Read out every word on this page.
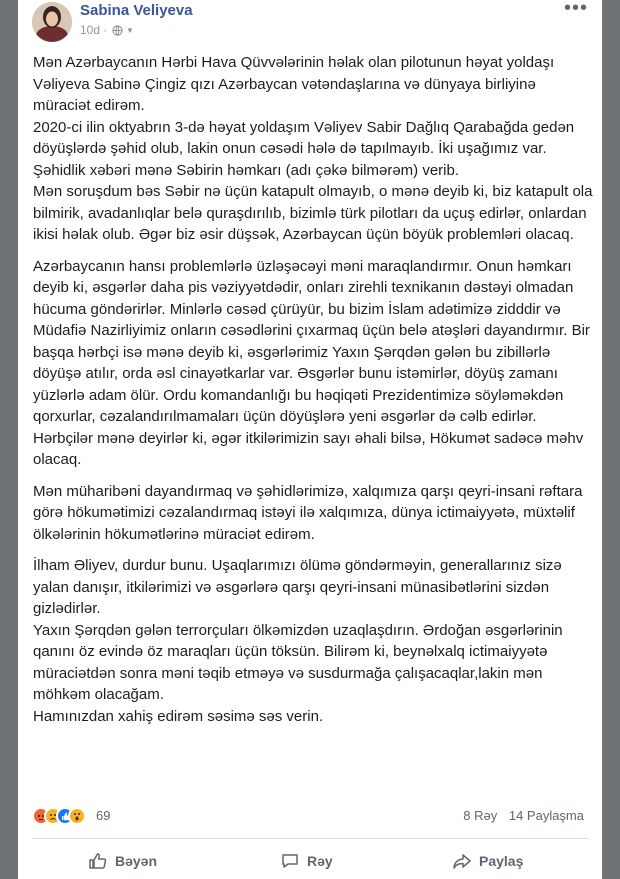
Sabina Veliyeva
10d · ▼
•••

Mən Azərbaycanın Hərbi Hava Qüvvələrinin həlak olan pilotunun həyat yoldaşı Vəliyeva Sabinə Çingiz qızı Azərbaycan vətəndaşlarına və dünyaya birliyinə müraciət edirəm.

2020-ci ilin oktyabrın 3-də həyat yoldaşım Vəliyev Sabir Dağlıq Qarabağda gedən döyüşlərdə şəhid olub, lakin onun cəsədi hələ də tapılmayıb. İki uşağımız var.

Şəhidlik xəbəri mənə Səbirin həmkarı (adı çəkə bilmərəm) verib.

Mən soruşdum bəs Səbir nə üçün katapult olmayıb, o mənə deyib ki, biz katapult ola bilmirik, avadanlıqlar belə quraşdırılıb, bizimlə türk pilotları da uçuş edirlər, onlardan ikisi həlak olub. Əgər biz əsir düşsək, Azərbaycan üçün böyük problemləri olacaq.

Azərbaycanın hansı problemlərlə üzləşəcəyi məni maraqlandırmır. Onun həmkarı deyib ki, əsgərlər daha pis vəziyyətdədir, onları zirehli texnikanın dəstəyi olmadan hücuma göndərirlər. Minlərlə cəsəd çürüyür, bu bizim İslam adətimizə zidddir və Müdafiə Nazirliyimiz onların cəsədlərini çıxarmaq üçün belə atəşləri dayandırmır. Bir başqa hərbçi isə mənə deyib ki, əsgərlərimiz Yaxın Şərqdən gələn bu zibillərlə döyüşə atılır, orda əsl cinayətkarlar var. Əsgərlər bunu istəmirlər, döyüş zamanı yüzlərlə adam ölür. Ordu komandanlığı bu həqiqəti Prezidentimizə söyləməkdən qorxurlar, cəzalandırılmamaları üçün döyüşlərə yeni əsgərlər də cəlb edirlər.

Hərbçilər mənə deyirlər ki, əgər itkilərimizin sayı əhali bilsə, Hökumət sadəcə məhv olacaq.

Mən müharibəni dayandırmaq və şəhidlərimizə, xalqımıza qarşı qeyri-insani rəftara görə hökumətimizi cəzalandırmaq istəyi ilə xalqımıza, dünya ictimaiyyətə, müxtəlif ölkələrinin hökumətlərinə müraciət edirəm.

İlham Əliyev, durdur bunu. Uşaqlarımızı ölümə göndərməyin, generallarınız sizə yalan danışır, itkilərimizi və əsgərlərə qarşı qeyri-insani münasibətlərini sizdən gizlədirlər.

Yaxın Şərqdən gələn terrorçuları ölkəmizdən uzaqlaşdırın. Ərdoğan əsgərlərinin qanını öz evində öz maraqları üçün töksün. Bilirəm ki, beynəlxalq ictimaiyyətə müraciətdən sonra məni təqib etməyə və susdurmağa çalışacaqlar,lakin mən möhkəm olacağam.

Hamınızdan xahiş edirəm səsimə səs verin.

69	8 Rəy 14 Paylaşma
Bəyən	Rəy	Paylaş
